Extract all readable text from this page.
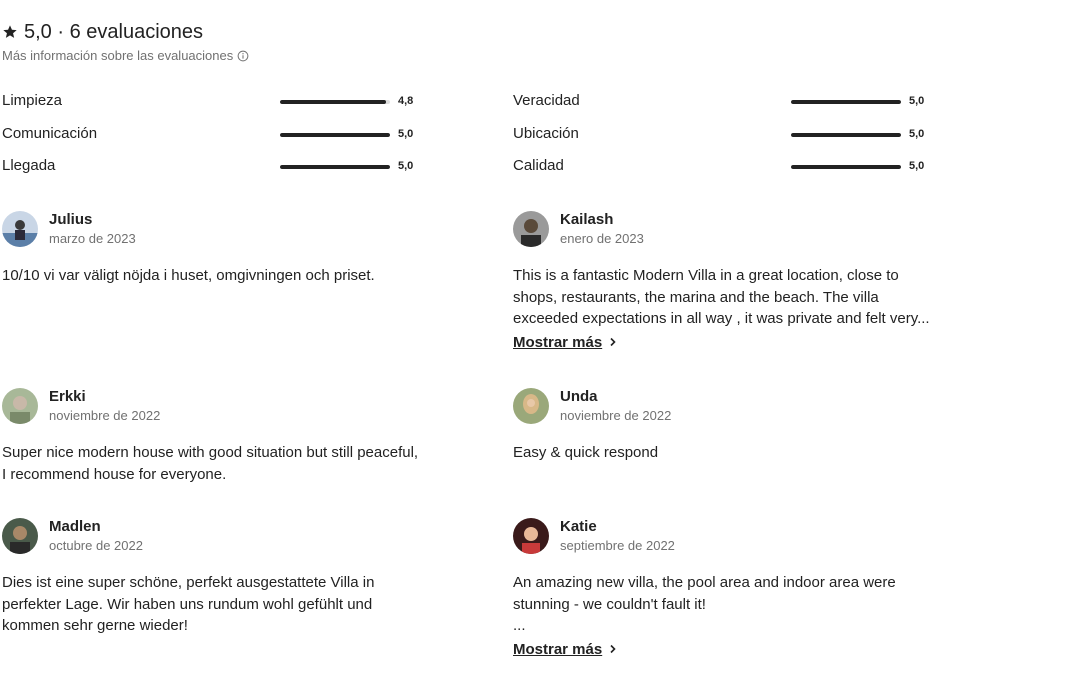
5,0 · 6 evaluaciones
Más información sobre las evaluaciones
Limpieza	4,8
Comunicación	5,0
Llegada	5,0
Veracidad	5,0
Ubicación	5,0
Calidad	5,0
Julius
marzo de 2023
10/10 vi var väligt nöjda i huset, omgivningen och priset.
Kailash
enero de 2023
This is a fantastic Modern Villa in a great location, close to shops, restaurants, the marina and the beach. The villa exceeded expectations in all way , it was private and felt very...
Mostrar más
Erkki
noviembre de 2022
Super nice modern house with good situation but still peaceful, I recommend house for everyone.
Unda
noviembre de 2022
Easy & quick respond
Madlen
octubre de 2022
Dies ist eine super schöne, perfekt ausgestattete Villa in perfekter Lage. Wir haben uns rundum wohl gefühlt und kommen sehr gerne wieder!
Katie
septiembre de 2022
An amazing new villa, the pool area and indoor area were stunning - we couldn't fault it!
...
Mostrar más
